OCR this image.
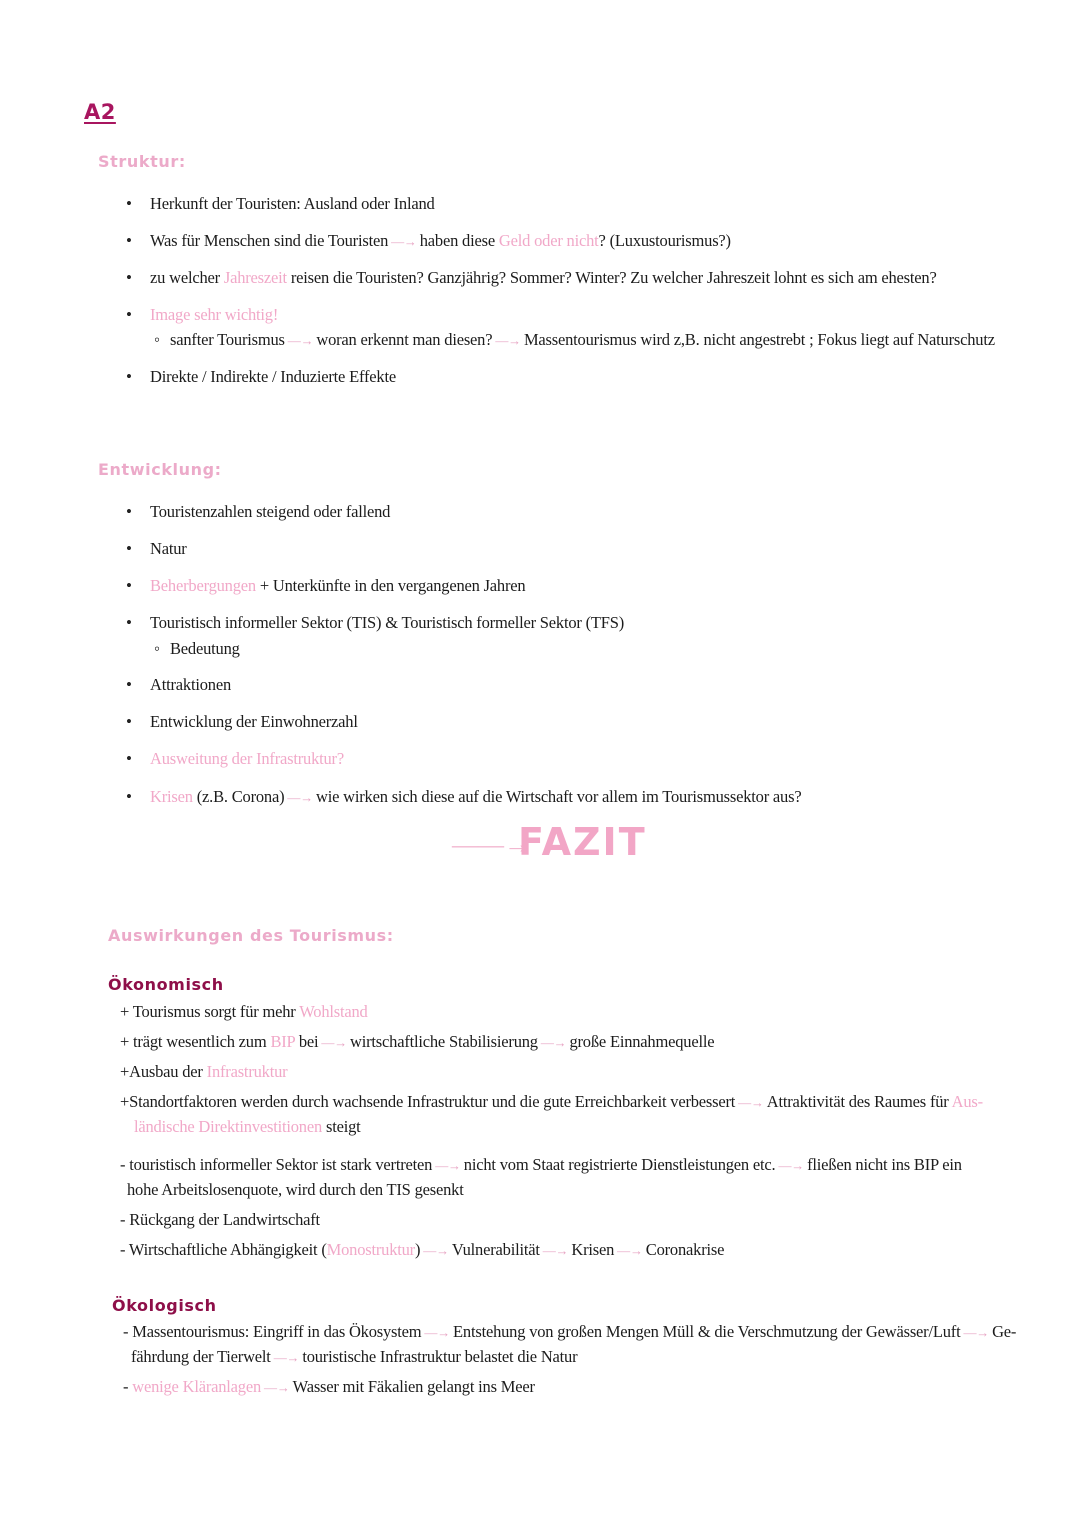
A2
Struktur:
•Herkunft der Touristen: Ausland oder Inland
•Was für Menschen sind die Touristen —→ haben diese Geld oder nicht? (Luxustourismus?)
•zu welcher Jahreszeit reisen die Touristen? Ganzjährig? Sommer? Winter? Zu welcher Jahreszeit lohnt es sich am ehesten?
•Image sehr wichtig!
◦sanfter Tourismus —→ woran erkennt man diesen? —→ Massentourismus wird z,B. nicht angestrebt ; Fokus liegt auf Naturschutz
•Direkte / Indirekte / Induzierte Effekte
Entwicklung:
•Touristenzahlen steigend oder fallend
•Natur
•Beherbergungen + Unterkünfte in den vergangenen Jahren
•Touristisch informeller Sektor (TIS) & Touristisch formeller Sektor (TFS)
◦Bedeutung
•Attraktionen
•Entwicklung der Einwohnerzahl
•Ausweitung der Infrastruktur?
•Krisen (z.B. Corona) —→ wie wirken sich diese auf die Wirtschaft vor allem im Tourismussektor aus?
——→
FAZIT
Auswirkungen des Tourismus:
Ökonomisch
+ Tourismus sorgt für mehr Wohlstand
+ trägt wesentlich zum BIP bei —→ wirtschaftliche Stabilisierung —→ große Einnahmequelle
+Ausbau der Infrastruktur
+Standortfaktoren werden durch wachsende Infrastruktur und die gute Erreichbarkeit verbessert —→ Attraktivität des Raumes für Aus-
ländische Direktinvestitionen steigt
- touristisch informeller Sektor ist stark vertreten —→ nicht vom Staat registrierte Dienstleistungen etc. —→ fließen nicht ins BIP ein
hohe Arbeitslosenquote, wird durch den TIS gesenkt
- Rückgang der Landwirtschaft
- Wirtschaftliche Abhängigkeit (Monostruktur) —→ Vulnerabilität —→ Krisen —→ Coronakrise
Ökologisch
- Massentourismus: Eingriff in das Ökosystem —→ Entstehung von großen Mengen Müll & die Verschmutzung der Gewässer/Luft —→ Ge-
fährdung der Tierwelt —→ touristische Infrastruktur belastet die Natur
- wenige Kläranlagen —→ Wasser mit Fäkalien gelangt ins Meer
